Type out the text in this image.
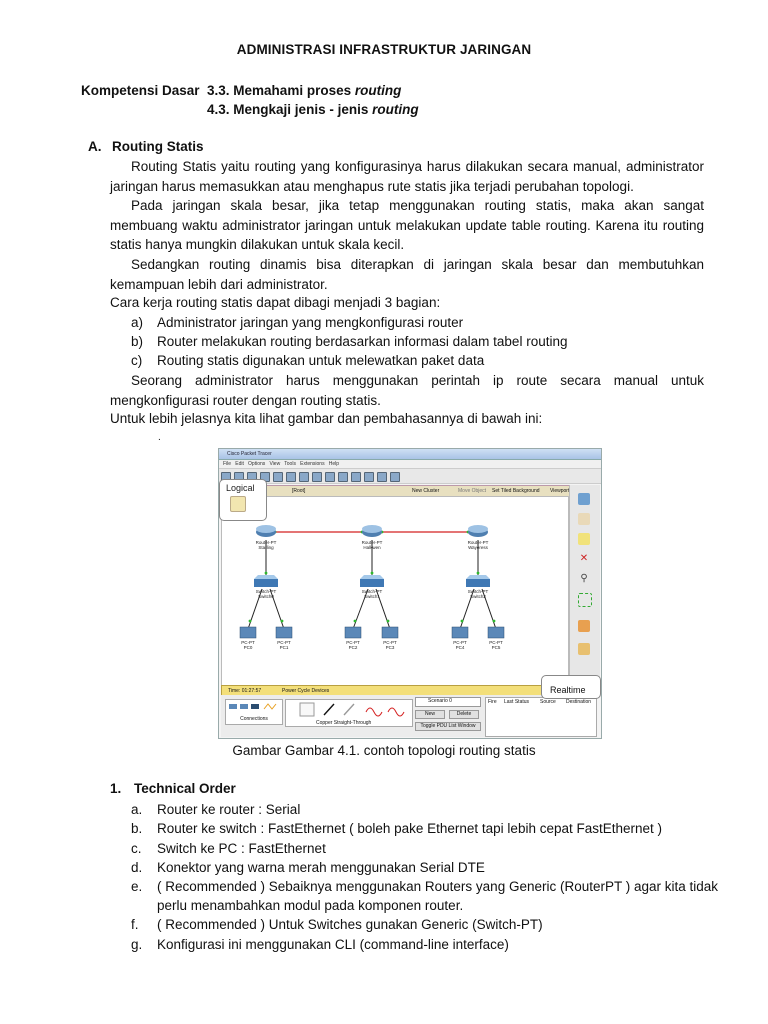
ADMINISTRASI INFRASTRUKTUR JARINGAN
Kompetensi Dasar 3.3. Memahami proses routing
4.3. Mengkaji jenis - jenis routing
A. Routing Statis
Routing Statis yaitu routing yang konfigurasinya harus dilakukan secara manual, administrator jaringan harus memasukkan atau menghapus rute statis jika terjadi perubahan topologi.
Pada jaringan skala besar, jika tetap menggunakan routing statis, maka akan sangat membuang waktu administrator jaringan untuk melakukan update table routing. Karena itu routing statis hanya mungkin dilakukan untuk skala kecil.
Sedangkan routing dinamis bisa diterapkan di jaringan skala besar dan membutuhkan kemampuan lebih dari administrator.
Cara kerja routing statis dapat dibagi menjadi 3 bagian:
a) Administrator jaringan yang mengkonfigurasi router
b) Router melakukan routing berdasarkan informasi dalam tabel routing
c) Routing statis digunakan untuk melewatkan paket data
Seorang administrator harus menggunakan perintah ip route secara manual untuk mengkonfigurasi router dengan routing statis.
Untuk lebih jelasnya kita lihat gambar dan pembahasannya di bawah ini:
.
Cisco Packet Tracer
File Edit Options View Tools Extensions Help
[Root]	New Cluster	Move Object Set Tiled Background Viewport
Router-PT
Starling
Router-PT
Halkwen
Router-PT
Wayeress
Switch-PT
Switch0
Switch-PT
Switch1
Switch-PT
Switch2
PC-PT
PC0
PC-PT
PC1
PC-PT
PC2
PC-PT
PC3
PC-PT
PC4
PC-PT
PC5
✕
⚲
Time: 01:27:57	Power Cycle Devices
Connections
Copper Straight-Through
Scenario 0
New	Delete
Toggle PDU List Window
Fire Last Status Source Destination
Logical
Realtime
Gambar Gambar 4.1. contoh topologi routing statis
1. Technical Order
a. Router ke router : Serial
b. Router ke switch : FastEthernet ( boleh pake Ethernet tapi lebih cepat FastEthernet )
c. Switch ke PC : FastEthernet
d. Konektor yang warna merah menggunakan Serial DTE
e. ( Recommended ) Sebaiknya menggunakan Routers yang Generic (RouterPT ) agar kita tidak
perlu menambahkan modul pada komponen router.
f. ( Recommended ) Untuk Switches gunakan Generic (Switch-PT)
g. Konfigurasi ini menggunakan CLI (command-line interface)
